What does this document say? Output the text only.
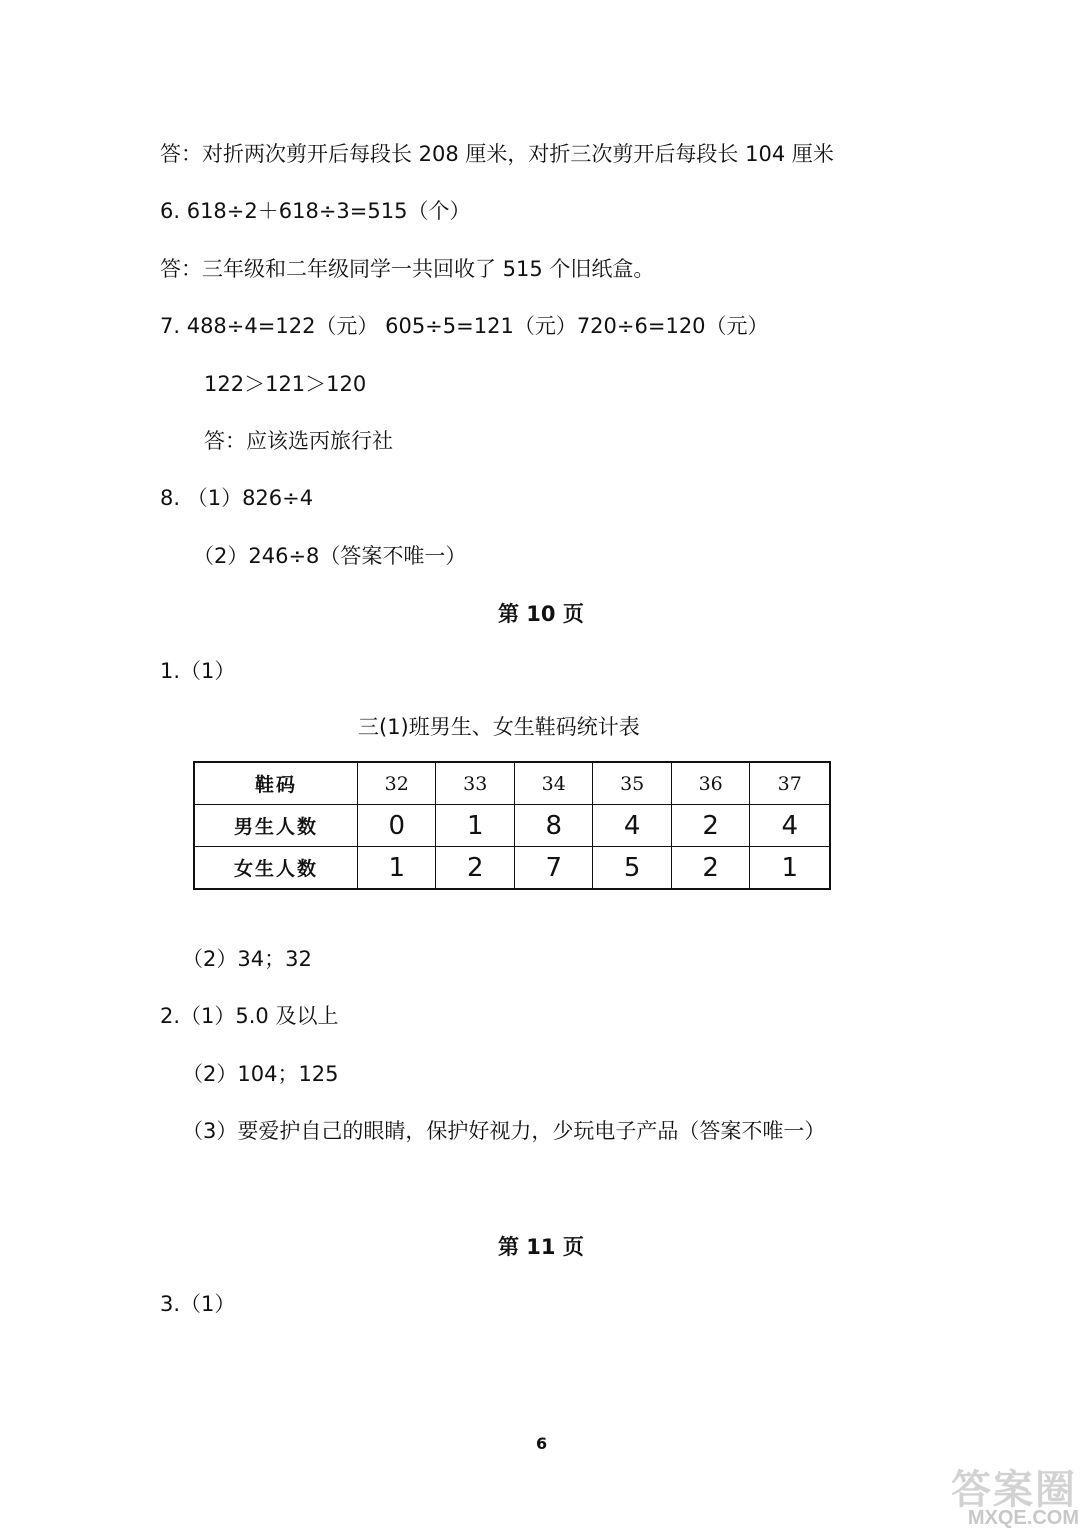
答：对折两次剪开后每段长 208 厘米，对折三次剪开后每段长 104 厘米
6. 618÷2＋618÷3=515（个）
答：三年级和二年级同学一共回收了 515 个旧纸盒。
7. 488÷4=122（元） 605÷5=121（元）720÷6=120（元）
122＞121＞120
答：应该选丙旅行社
8. （1）826÷4
（2）246÷8（答案不唯一）
第 10 页
1.（1）
三(1)班男生、女生鞋码统计表
鞋码	32	33	34	35	36	37
男生人数	0	1	8	4	2	4
女生人数	1	2	7	5	2	1
（2）34；32
2.（1）5.0 及以上
（2）104；125
（3）要爱护自己的眼睛，保护好视力，少玩电子产品（答案不唯一）
第 11 页
3.（1）
6
答案圈
MXQE.COM
